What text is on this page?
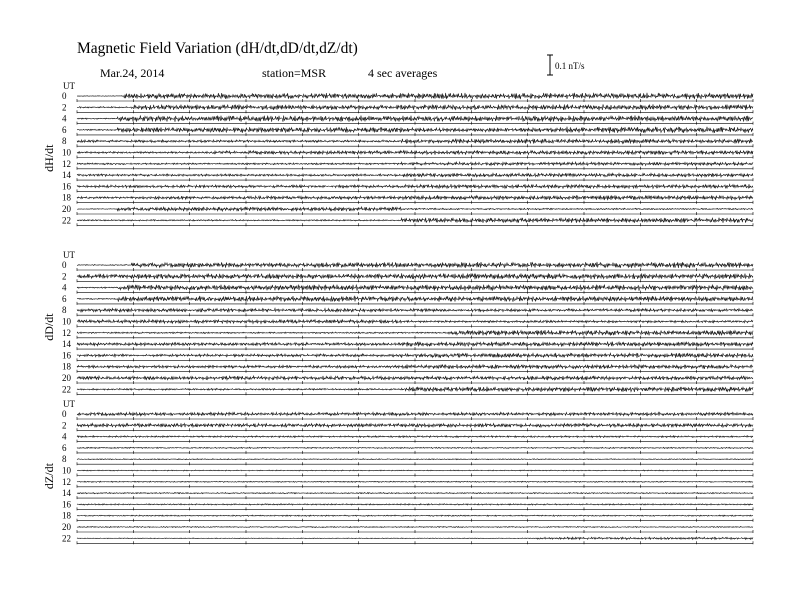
Magnetic Field Variation (dH/dt,dD/dt,dZ/dt)
Mar.24, 2014	station=MSR	4 sec averages	0.1 nT/s
UT
dH/dt
0
2
4
6
8
10
12
14
16
18
20
22
UT
dD/dt
0
2
4
6
8
10
12
14
16
18
20
22
UT
dZ/dt
0
2
4
6
8
10
12
14
16
18
20
22
